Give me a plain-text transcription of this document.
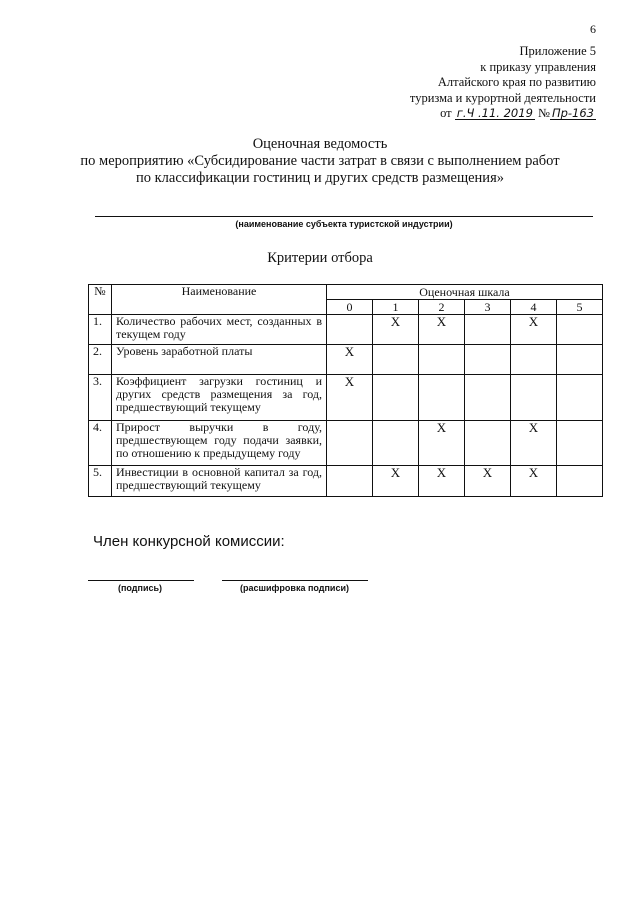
6
Приложение 5
к приказу управления
Алтайского края по развитию
туризма и курортной деятельности
от г.Ч .11. 2019 № Пр-163
Оценочная ведомость
по мероприятию «Субсидирование части затрат в связи с выполнением работ
по классификации гостиниц и других средств размещения»
(наименование субъекта туристской индустрии)
Критерии отбора
№	Наименование	Оценочная шкала					
		0	1	2	3	4	5
1.	Количество рабочих мест, созданных в текущем году		X	X		X	
2.	Уровень заработной платы	X					
3.	Коэффициент загрузки гостиниц и других средств размещения за год, предшествующий текущему	X					
4.	Прирост выручки в году, предшествующем году подачи заявки, по отношению к предыдущему году			X		X	
5.	Инвестиции в основной капитал за год, предшествующий текущему		X	X	X	X	
Член конкурсной комиссии:
(подпись)	(расшифровка подписи)
